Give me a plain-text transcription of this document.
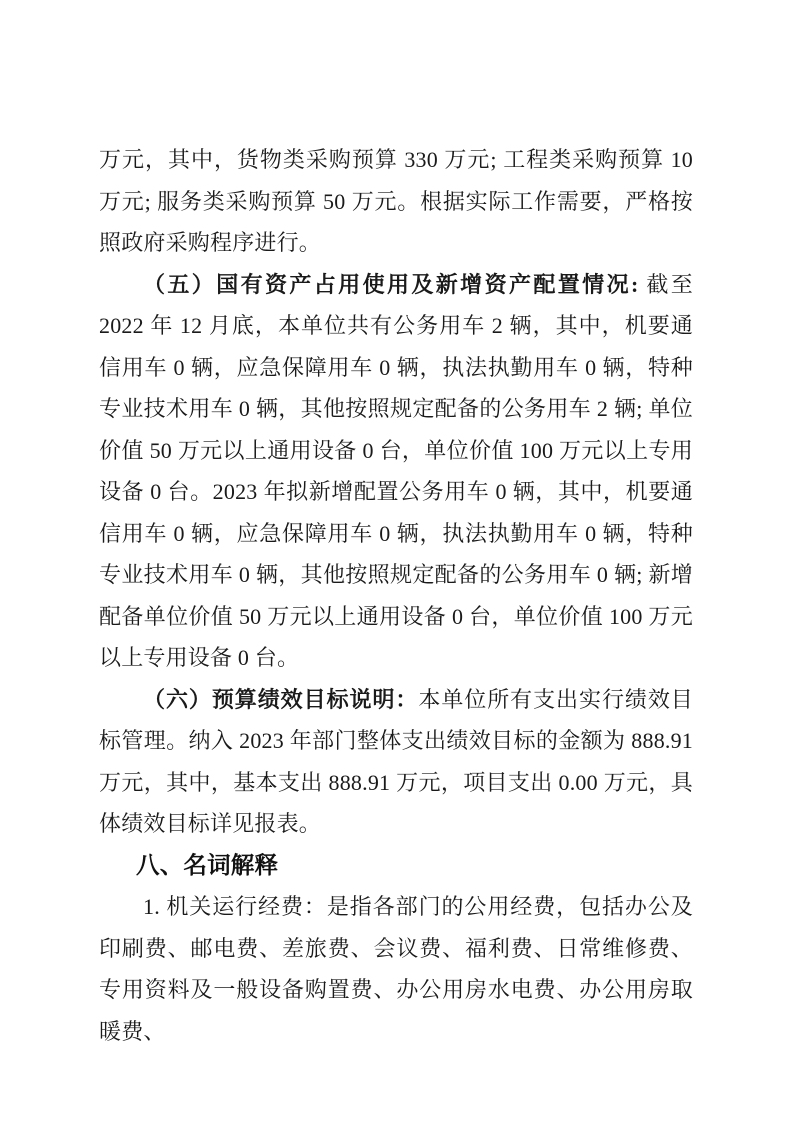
万元，其中，货物类采购预算 330 万元; 工程类采购预算 10 万元; 服务类采购预算 50 万元。根据实际工作需要，严格按照政府采购程序进行。

（五）国有资产占用使用及新增资产配置情况: 截至 2022 年 12 月底，本单位共有公务用车 2 辆，其中，机要通信用车 0 辆，应急保障用车 0 辆，执法执勤用车 0 辆，特种专业技术用车 0 辆，其他按照规定配备的公务用车 2 辆; 单位价值 50 万元以上通用设备 0 台，单位价值 100 万元以上专用设备 0 台。2023 年拟新增配置公务用车 0 辆，其中，机要通信用车 0 辆，应急保障用车 0 辆，执法执勤用车 0 辆，特种专业技术用车 0 辆，其他按照规定配备的公务用车 0 辆; 新增配备单位价值 50 万元以上通用设备 0 台，单位价值 100 万元以上专用设备 0 台。

（六）预算绩效目标说明：本单位所有支出实行绩效目标管理。纳入 2023 年部门整体支出绩效目标的金额为 888.91 万元，其中，基本支出 888.91 万元，项目支出 0.00 万元，具体绩效目标详见报表。

八、名词解释

1. 机关运行经费：是指各部门的公用经费，包括办公及印刷费、邮电费、差旅费、会议费、福利费、日常维修费、专用资料及一般设备购置费、办公用房水电费、办公用房取暖费、
